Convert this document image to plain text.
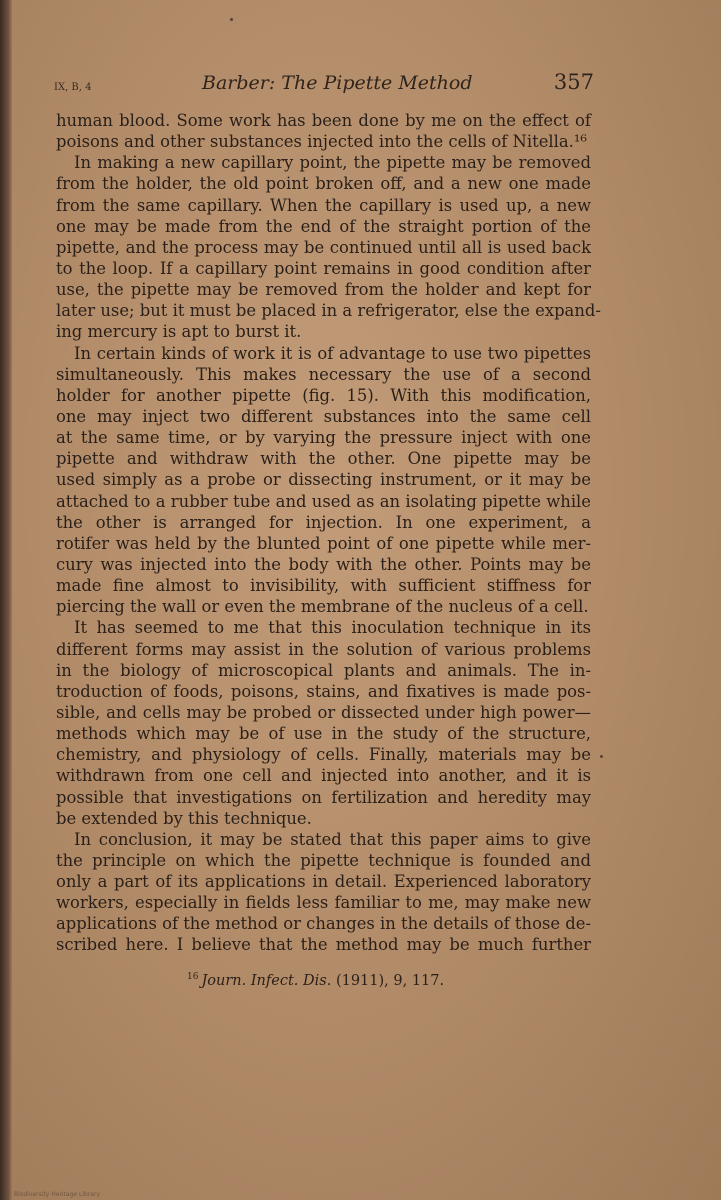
IX, B, 4	Barber: The Pipette Method	357
human blood. Some work has been done by me on the effect of
poisons and other substances injected into the cells of Nitella.¹⁶
In making a new capillary point, the pipette may be removed
from the holder, the old point broken off, and a new one made
from the same capillary. When the capillary is used up, a new
one may be made from the end of the straight portion of the
pipette, and the process may be continued until all is used back
to the loop. If a capillary point remains in good condition after
use, the pipette may be removed from the holder and kept for
later use; but it must be placed in a refrigerator, else the expand-
ing mercury is apt to burst it.
In certain kinds of work it is of advantage to use two pipettes
simultaneously. This makes necessary the use of a second
holder for another pipette (fig. 15). With this modification,
one may inject two different substances into the same cell
at the same time, or by varying the pressure inject with one
pipette and withdraw with the other. One pipette may be
used simply as a probe or dissecting instrument, or it may be
attached to a rubber tube and used as an isolating pipette while
the other is arranged for injection. In one experiment, a
rotifer was held by the blunted point of one pipette while mer-
cury was injected into the body with the other. Points may be
made fine almost to invisibility, with sufficient stiffness for
piercing the wall or even the membrane of the nucleus of a cell.
It has seemed to me that this inoculation technique in its
different forms may assist in the solution of various problems
in the biology of microscopical plants and animals. The in-
troduction of foods, poisons, stains, and fixatives is made pos-
sible, and cells may be probed or dissected under high power—
methods which may be of use in the study of the structure,
chemistry, and physiology of cells. Finally, materials may be
withdrawn from one cell and injected into another, and it is
possible that investigations on fertilization and heredity may
be extended by this technique.
In conclusion, it may be stated that this paper aims to give
the principle on which the pipette technique is founded and
only a part of its applications in detail. Experienced laboratory
workers, especially in fields less familiar to me, may make new
applications of the method or changes in the details of those de-
scribed here. I believe that the method may be much further
$^{16}$ Journ. Infect. Dis. (1911), 9, 117.
Biodiversity Heritage Library
